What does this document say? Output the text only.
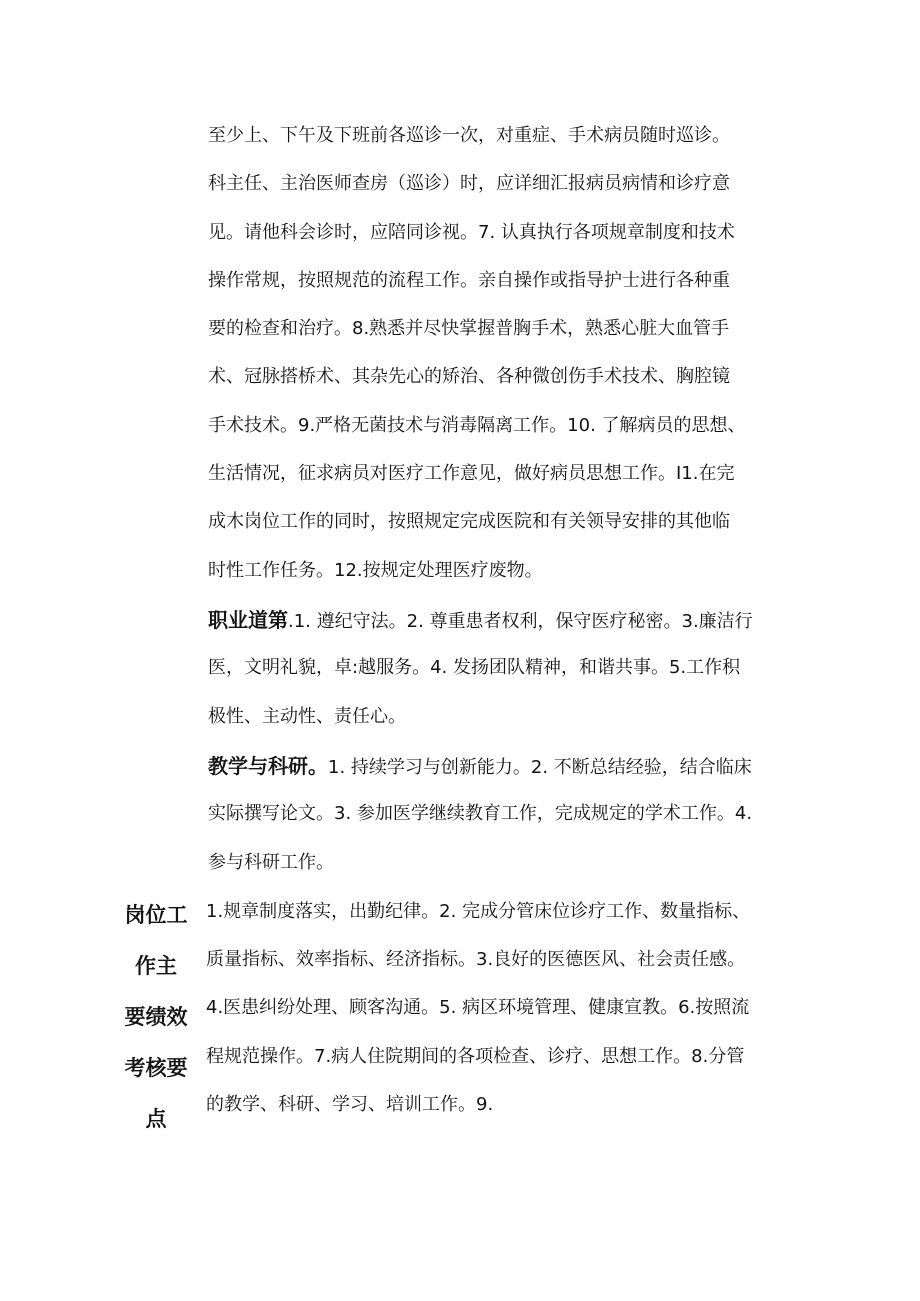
至少上、下午及下班前各巡诊一次，对重症、手术病员随时巡诊。
科主任、主治医师查房（巡诊）时，应详细汇报病员病情和诊疗意
见。请他科会诊时，应陪同诊视。7. 认真执行各项规章制度和技术
操作常规，按照规范的流程工作。亲自操作或指导护士进行各种重
要的检查和治疗。8.熟悉并尽快掌握普胸手术，熟悉心脏大血管手
术、冠脉搭桥术、其杂先心的矫治、各种微创伤手术技术、胸腔镜
手术技术。9.严格无菌技术与消毒隔离工作。10. 了解病员的思想、
生活情况，征求病员对医疗工作意见，做好病员思想工作。I1.在完
成木岗位工作的同时，按照规定完成医院和有关领导安排的其他临
时性工作任务。12.按规定处理医疗废物。
职业道第.1. 遵纪守法。2. 尊重患者权利，保守医疗秘密。3.廉洁行
医，文明礼貌，卓:越服务。4. 发扬团队精神，和谐共事。5.工作积
极性、主动性、责任心。
教学与科研。1. 持续学习与创新能力。2. 不断总结经验，结合临床
实际撰写论文。3. 参加医学继续教育工作，完成规定的学术工作。4.
参与科研工作。
岗位工
作主
要绩效
考核要
点
1.规章制度落实，出勤纪律。2. 完成分管床位诊疗工作、数量指标、
质量指标、效率指标、经济指标。3.良好的医德医风、社会责任感。
4.医患纠纷处理、顾客沟通。5. 病区环境管理、健康宣教。6.按照流
程规范操作。7.病人住院期间的各项检查、诊疗、思想工作。8.分管
的教学、科研、学习、培训工作。9.
